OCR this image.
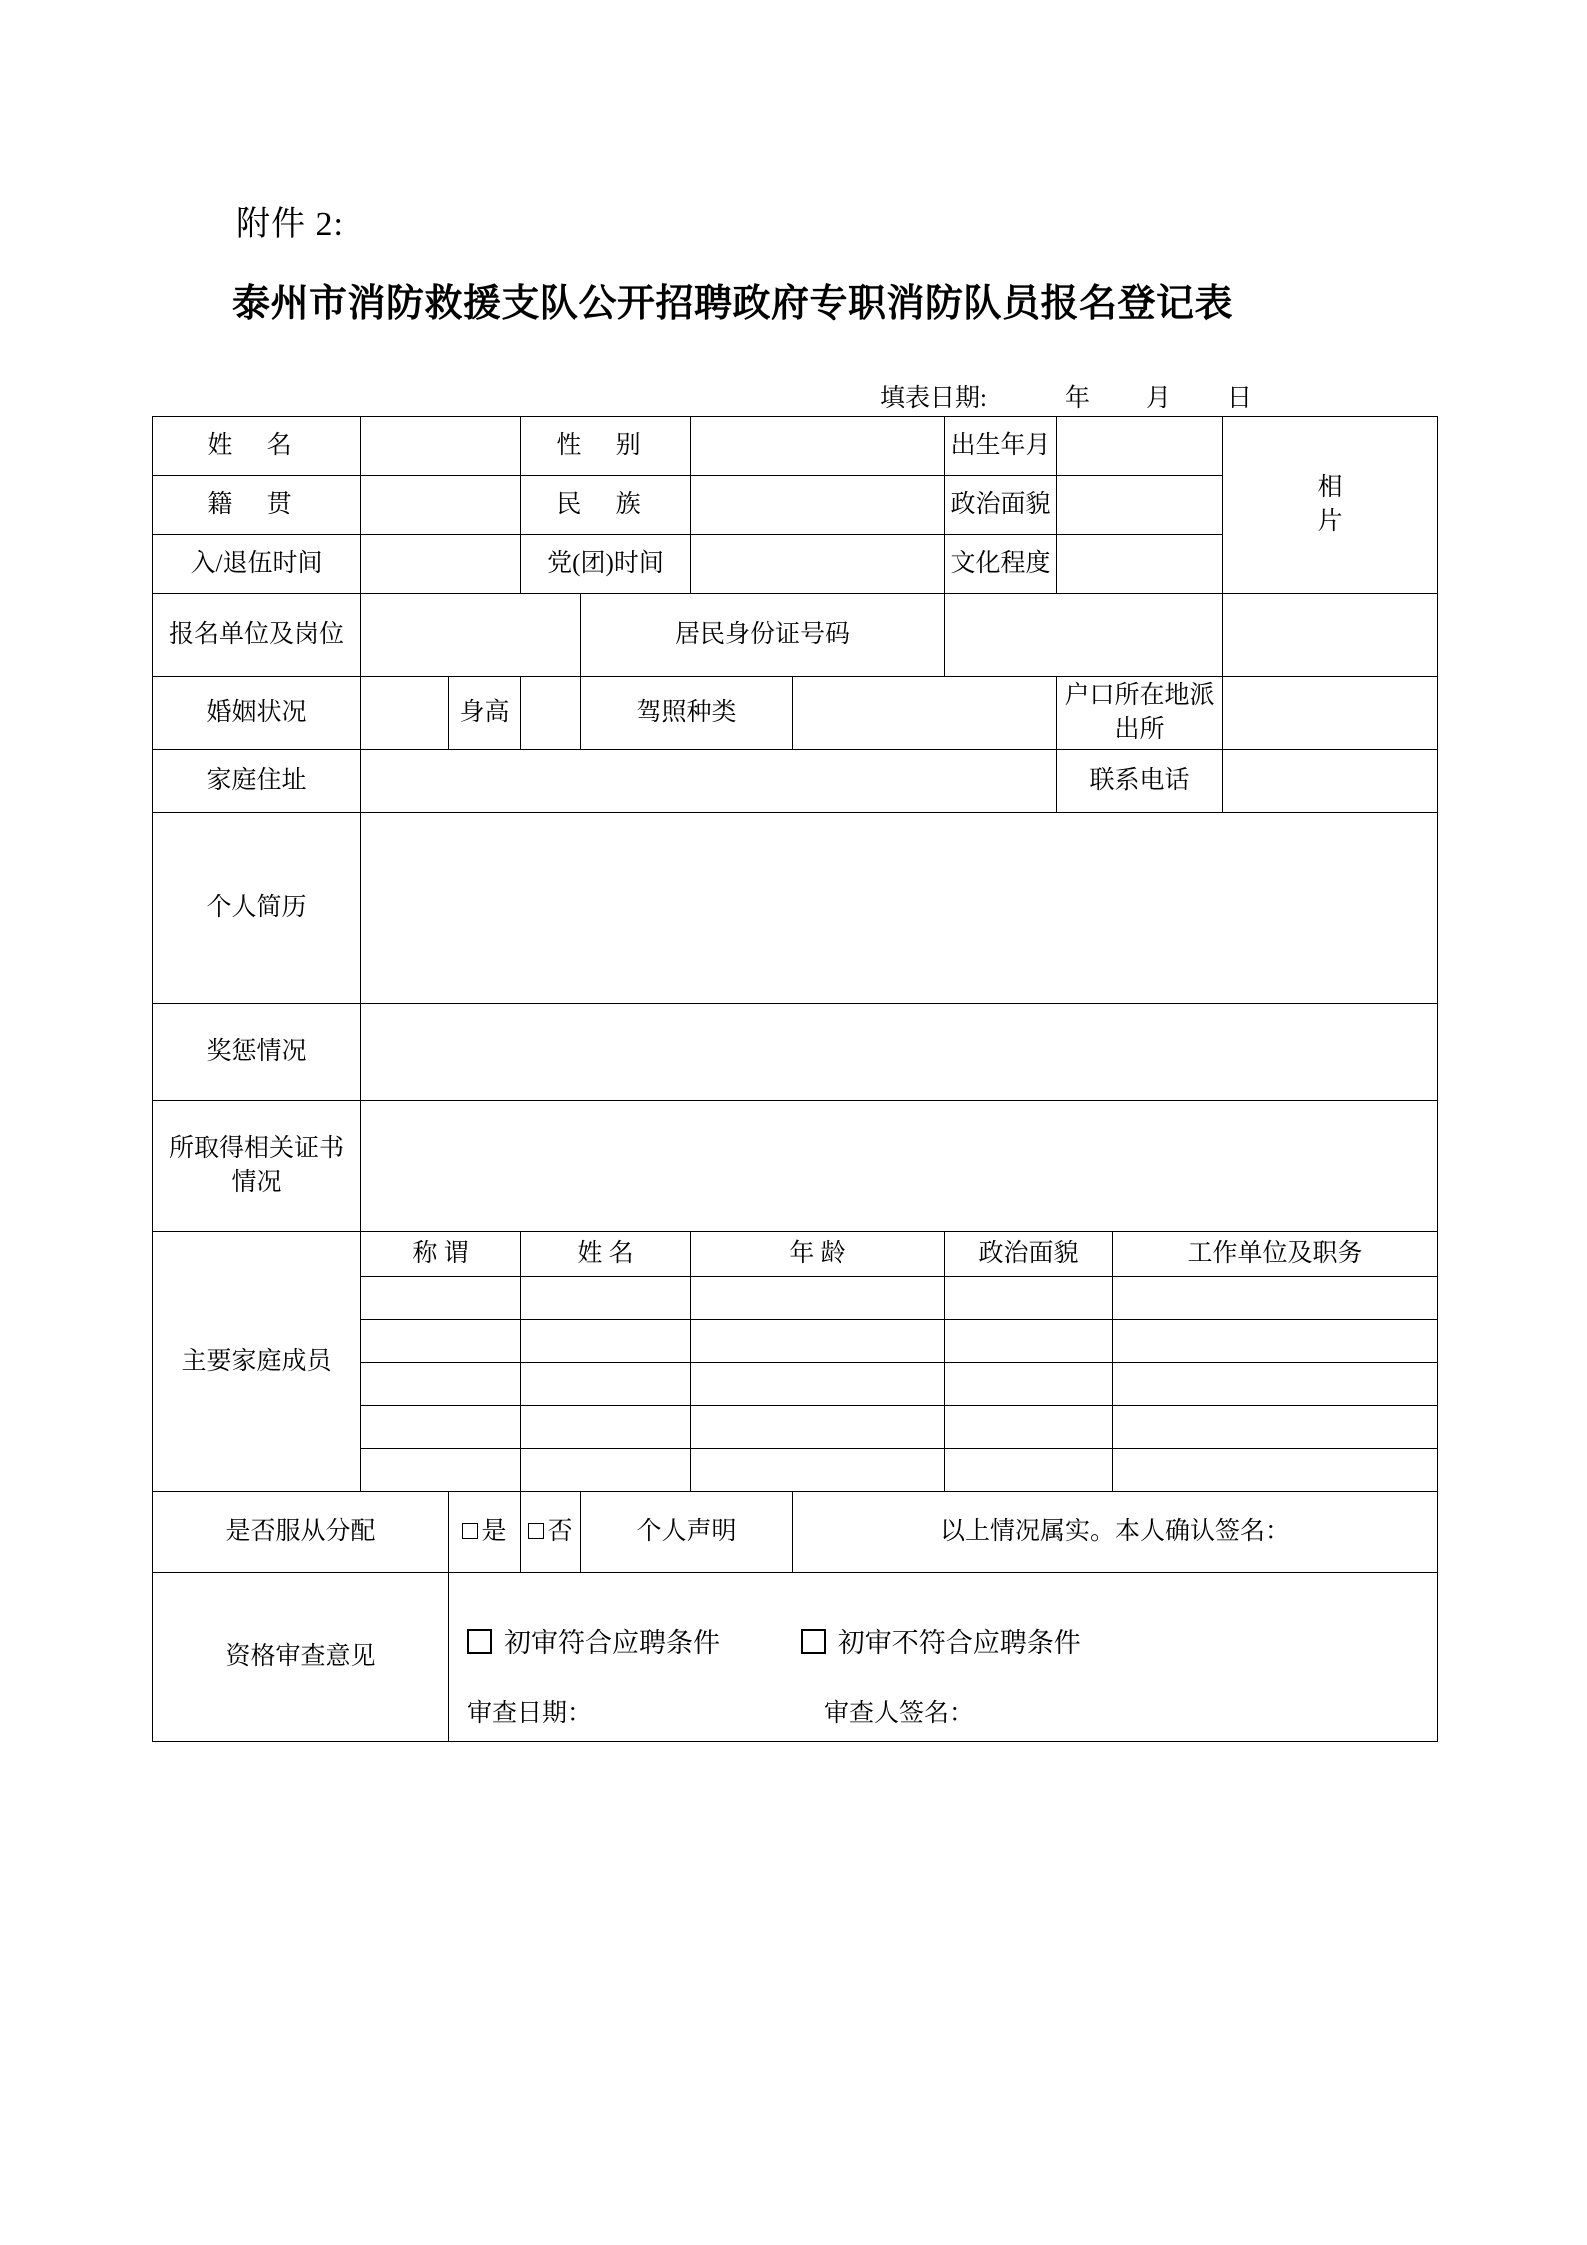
附件 2:
泰州市消防救援支队公开招聘政府专职消防队员报名登记表
填表日期:	年 月 日
姓 名			性 别				出生年月			相
片
籍 贯			民 族				政治面貌			
入/退伍时间			党(团)时间				文化程度			
报名单位及岗位				居民身份证号码						
婚姻状况		身高		驾照种类				户口所在地派出所		
家庭住址								联系电话		
个人简历										
奖惩情况										
所取得相关证书情况										
主要家庭成员	称 谓		姓 名		年 龄		政治面貌		工作单位及职务	

是否服从分配		是	否	个人声明		以上情况属实。本人确认签名：				
资格审查意见		初审符合应聘条件 初审不符合应聘条件
审查日期： 审查人签名：								
